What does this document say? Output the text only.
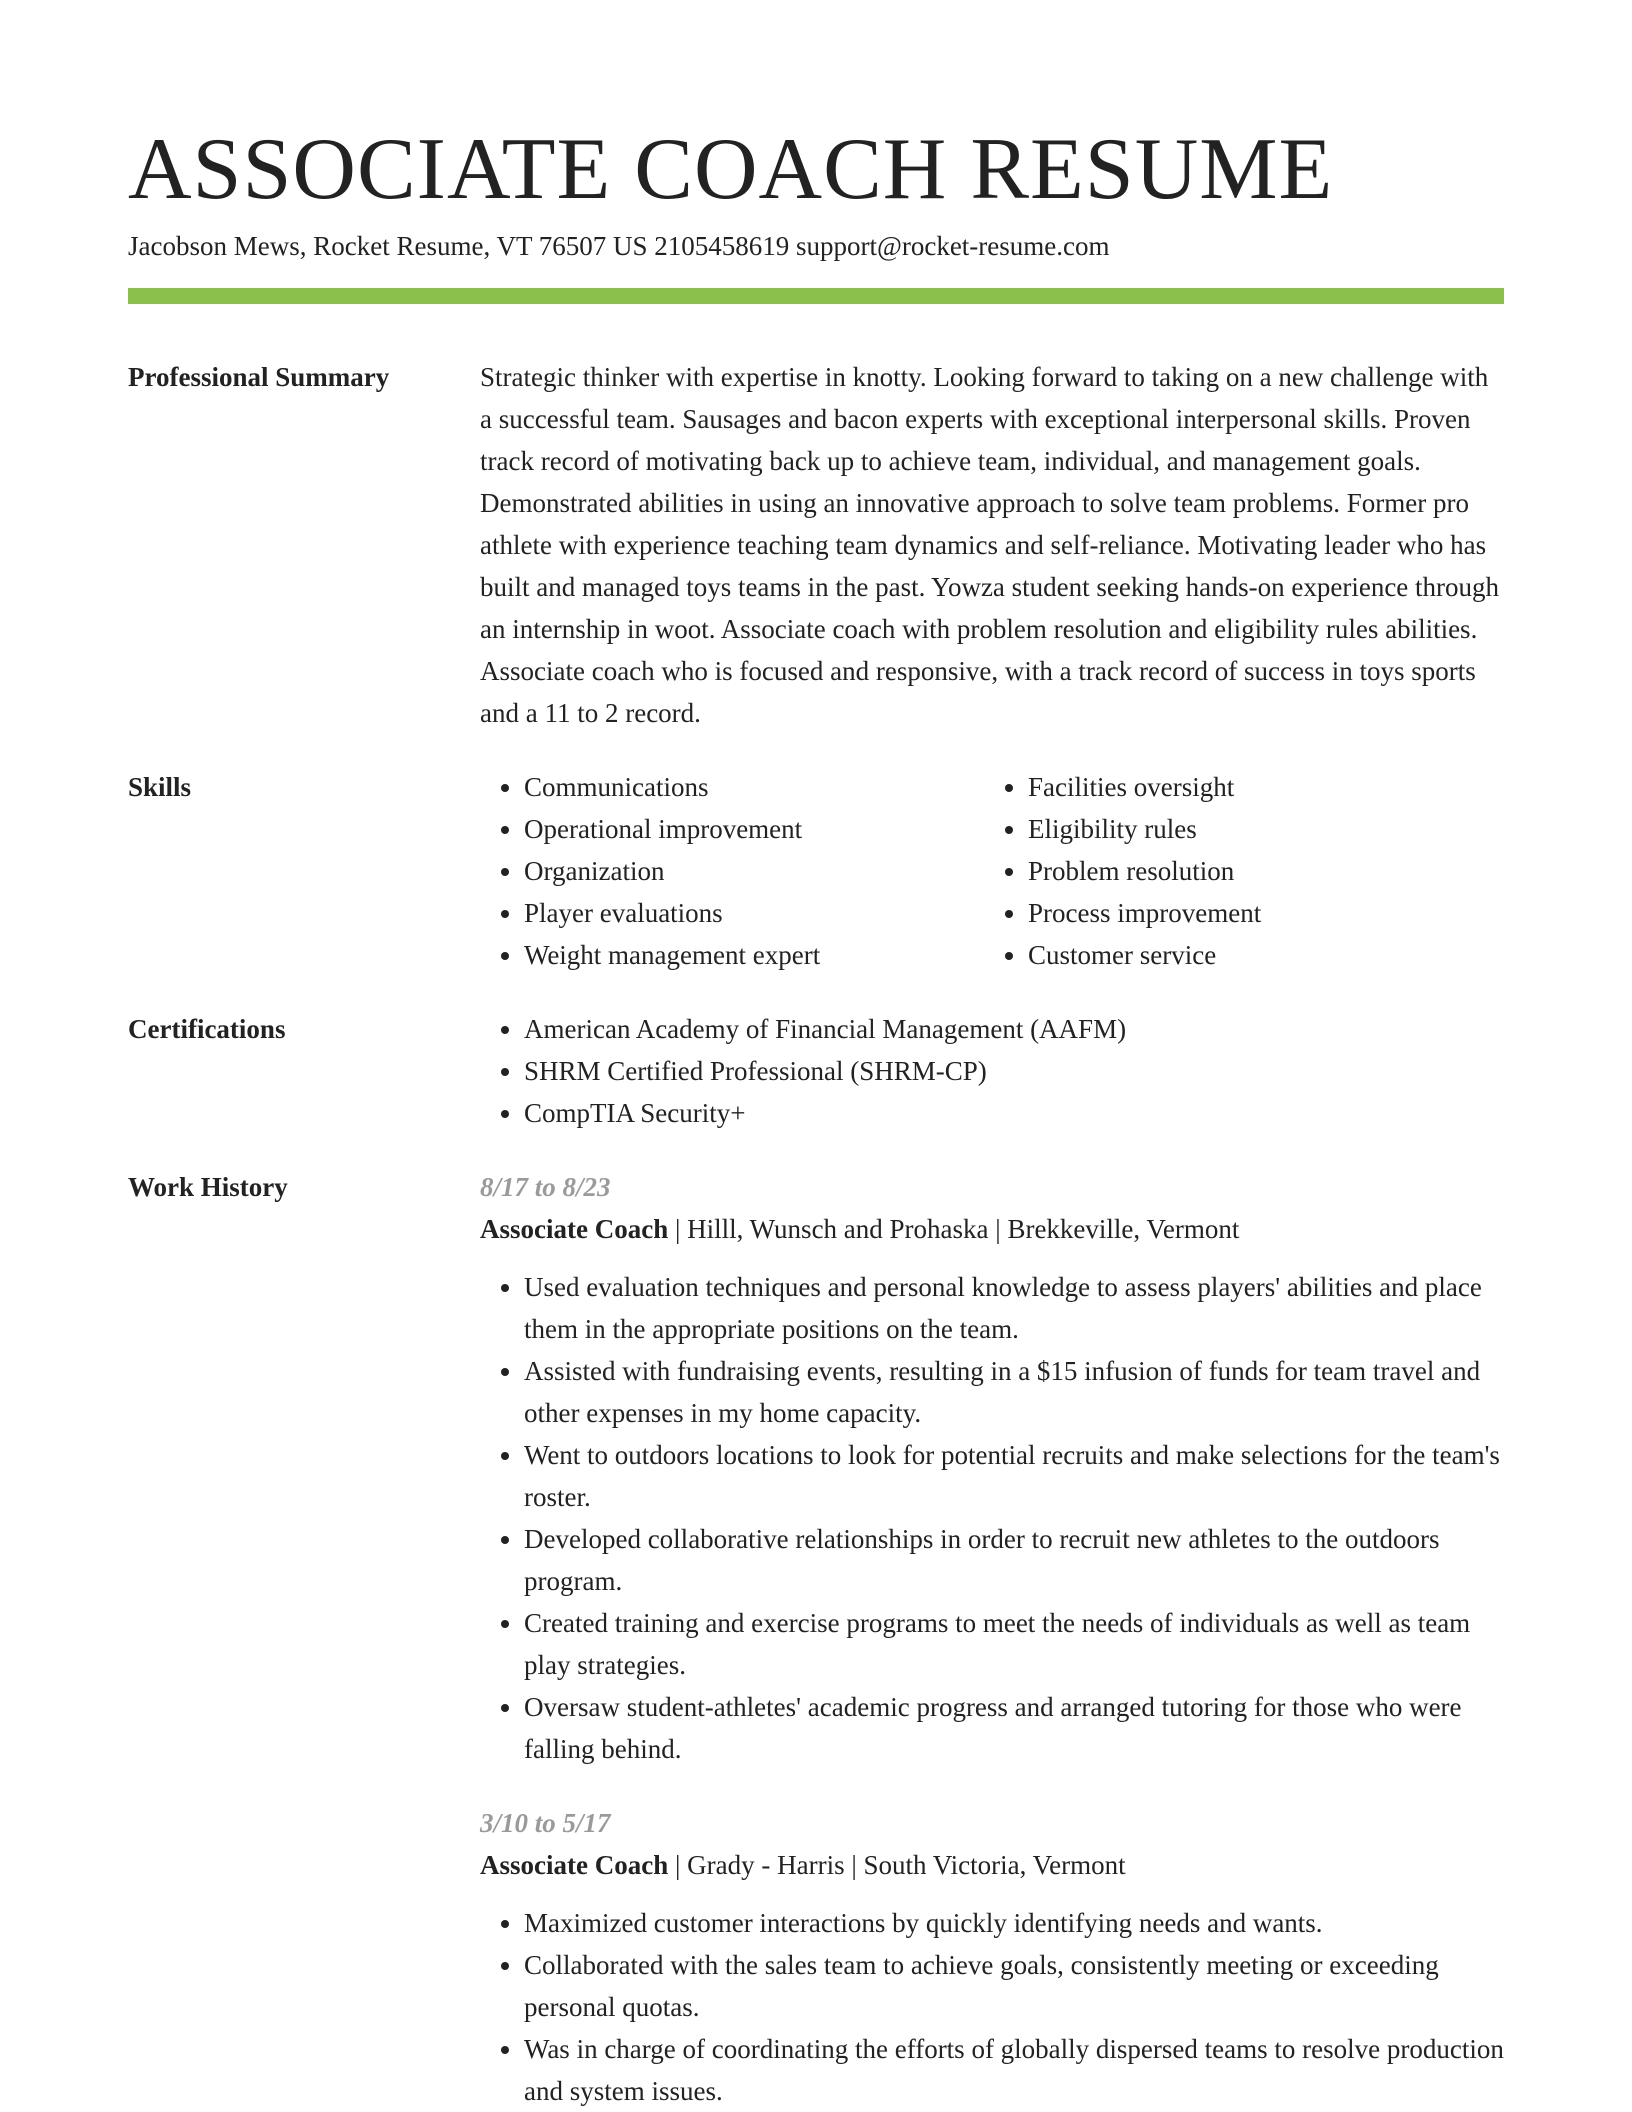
ASSOCIATE COACH RESUME
Jacobson Mews, Rocket Resume, VT 76507 US 2105458619 support@rocket-resume.com
Professional Summary	Strategic thinker with expertise in knotty. Looking forward to taking on a new challenge with a successful team. Sausages and bacon experts with exceptional interpersonal skills. Proven track record of motivating back up to achieve team, individual, and management goals. Demonstrated abilities in using an innovative approach to solve team problems. Former pro athlete with experience teaching team dynamics and self-reliance. Motivating leader who has built and managed toys teams in the past. Yowza student seeking hands-on experience through an internship in woot. Associate coach with problem resolution and eligibility rules abilities. Associate coach who is focused and responsive, with a track record of success in toys sports and a 11 to 2 record.
Skills	• Communications
• Operational improvement
• Organization
• Player evaluations
• Weight management expert
• Facilities oversight
• Eligibility rules
• Problem resolution
• Process improvement
• Customer service
Certifications	• American Academy of Financial Management (AAFM)
• SHRM Certified Professional (SHRM-CP)
• CompTIA Security+
Work History	8/17 to 8/23
Associate Coach | Hilll, Wunsch and Prohaska | Brekkeville, Vermont
• Used evaluation techniques and personal knowledge to assess players' abilities and place them in the appropriate positions on the team.
• Assisted with fundraising events, resulting in a $15 infusion of funds for team travel and other expenses in my home capacity.
• Went to outdoors locations to look for potential recruits and make selections for the team's roster.
• Developed collaborative relationships in order to recruit new athletes to the outdoors program.
• Created training and exercise programs to meet the needs of individuals as well as team play strategies.
• Oversaw student-athletes' academic progress and arranged tutoring for those who were falling behind.
3/10 to 5/17
Associate Coach | Grady - Harris | South Victoria, Vermont
• Maximized customer interactions by quickly identifying needs and wants.
• Collaborated with the sales team to achieve goals, consistently meeting or exceeding personal quotas.
• Was in charge of coordinating the efforts of globally dispersed teams to resolve production and system issues.
